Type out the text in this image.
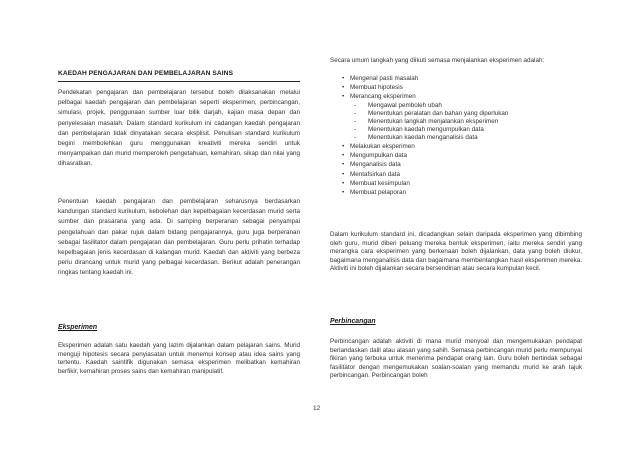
KAEDAH PENGAJARAN DAN PEMBELAJARAN SAINS

Pendekatan pengajaran dan pembelajaran tersebut boleh dilaksanakan melalui pelbagai kaedah pengajaran dan pembelajaran seperti eksperimen, perbincangan, simulasi, projek, penggunaan sumber luar bilik darjah, kajian masa depan dan penyelesaian masalah. Dalam standard kurikulum ini cadangan kaedah pengajaran dan pembelajaran tidak dinyatakan secara eksplisit. Penulisan standard kurikulum begini membolehkan guru menggunakan kreativiti mereka sendiri untuk menyampaikan dan murid memperoleh pengetahuan, kemahiran, sikap dan nilai yang dihasratkan.

Penentuan kaedah pengajaran dan pembelajaran seharusnya berdasarkan kandungan standard kurikulum, kebolehan dan kepelbagaian kecerdasan murid serta sumber dan prasarana yang ada. Di samping berperanan sebagai penyampai pengetahuan dan pakar rujuk dalam bidang pengajarannya, guru juga berperanan sebagai fasilitator dalam pengajaran dan pembelajaran. Guru perlu prihatin terhadap kepelbagaian jenis kecerdasan di kalangan murid. Kaedah dan aktiviti yang berbeza perlu dirancang untuk murid yang pelbagai kecerdasan. Berikut adalah penerangan ringkas tentang kaedah ini.

Eksperimen

Eksperimen adalah satu kaedah yang lazim dijalankan dalam pelajaran sains. Murid menguji hipotesis secara penyiasatan untuk menemui konsep atau idea sains yang tertentu. Kaedah saintifik digunakan semasa eksperimen melibatkan kemahiran berfikir, kemahiran proses sains dan kemahiran manipulatif.

Secara umum langkah yang diikuti semasa menjalankan eksperimen adalah:

• Mengenal pasti masalah
• Membuat hipotesis
• Merancang eksperimen
- Mengawal pemboleh ubah
- Menentukan peralatan dan bahan yang diperlukan
- Menentukan langkah menjalankan eksperimen
- Menentukan kaedah mengumpulkan data
- Menentukan kaedah menganalisis data
• Melakukan eksperimen
• Mengumpulkan data
• Menganalisis data
• Mentafsirkan data
• Membuat kesimpulan
• Membuat pelaporan

Dalam kurikulum standard ini, dicadangkan selain daripada eksperimen yang dibimbing oleh guru, murid diberi peluang mereka bentuk eksperimen, iaitu mereka sendiri yang merangka cara eksperimen yang berkenaan boleh dijalankan, data yang boleh diukur, bagaimana menganalisis data dan bagaimana membentangkan hasil eksperimen mereka. Aktiviti ini boleh dijalankan secara bersendirian atau secara kumpulan kecil.

Perbincangan

Perbincangan adalah aktiviti di mana murid menyoal dan mengemukakan pendapat berlandaskan dalil atau alasan yang sahih. Semasa perbincangan murid perlu mempunyai fikiran yang terbuka untuk menerima pendapat orang lain. Guru boleh bertindak sebagai fasilitator dengan mengemukakan soalan-soalan yang memandu murid ke arah tajuk perbincangan. Perbincangan boleh

12
